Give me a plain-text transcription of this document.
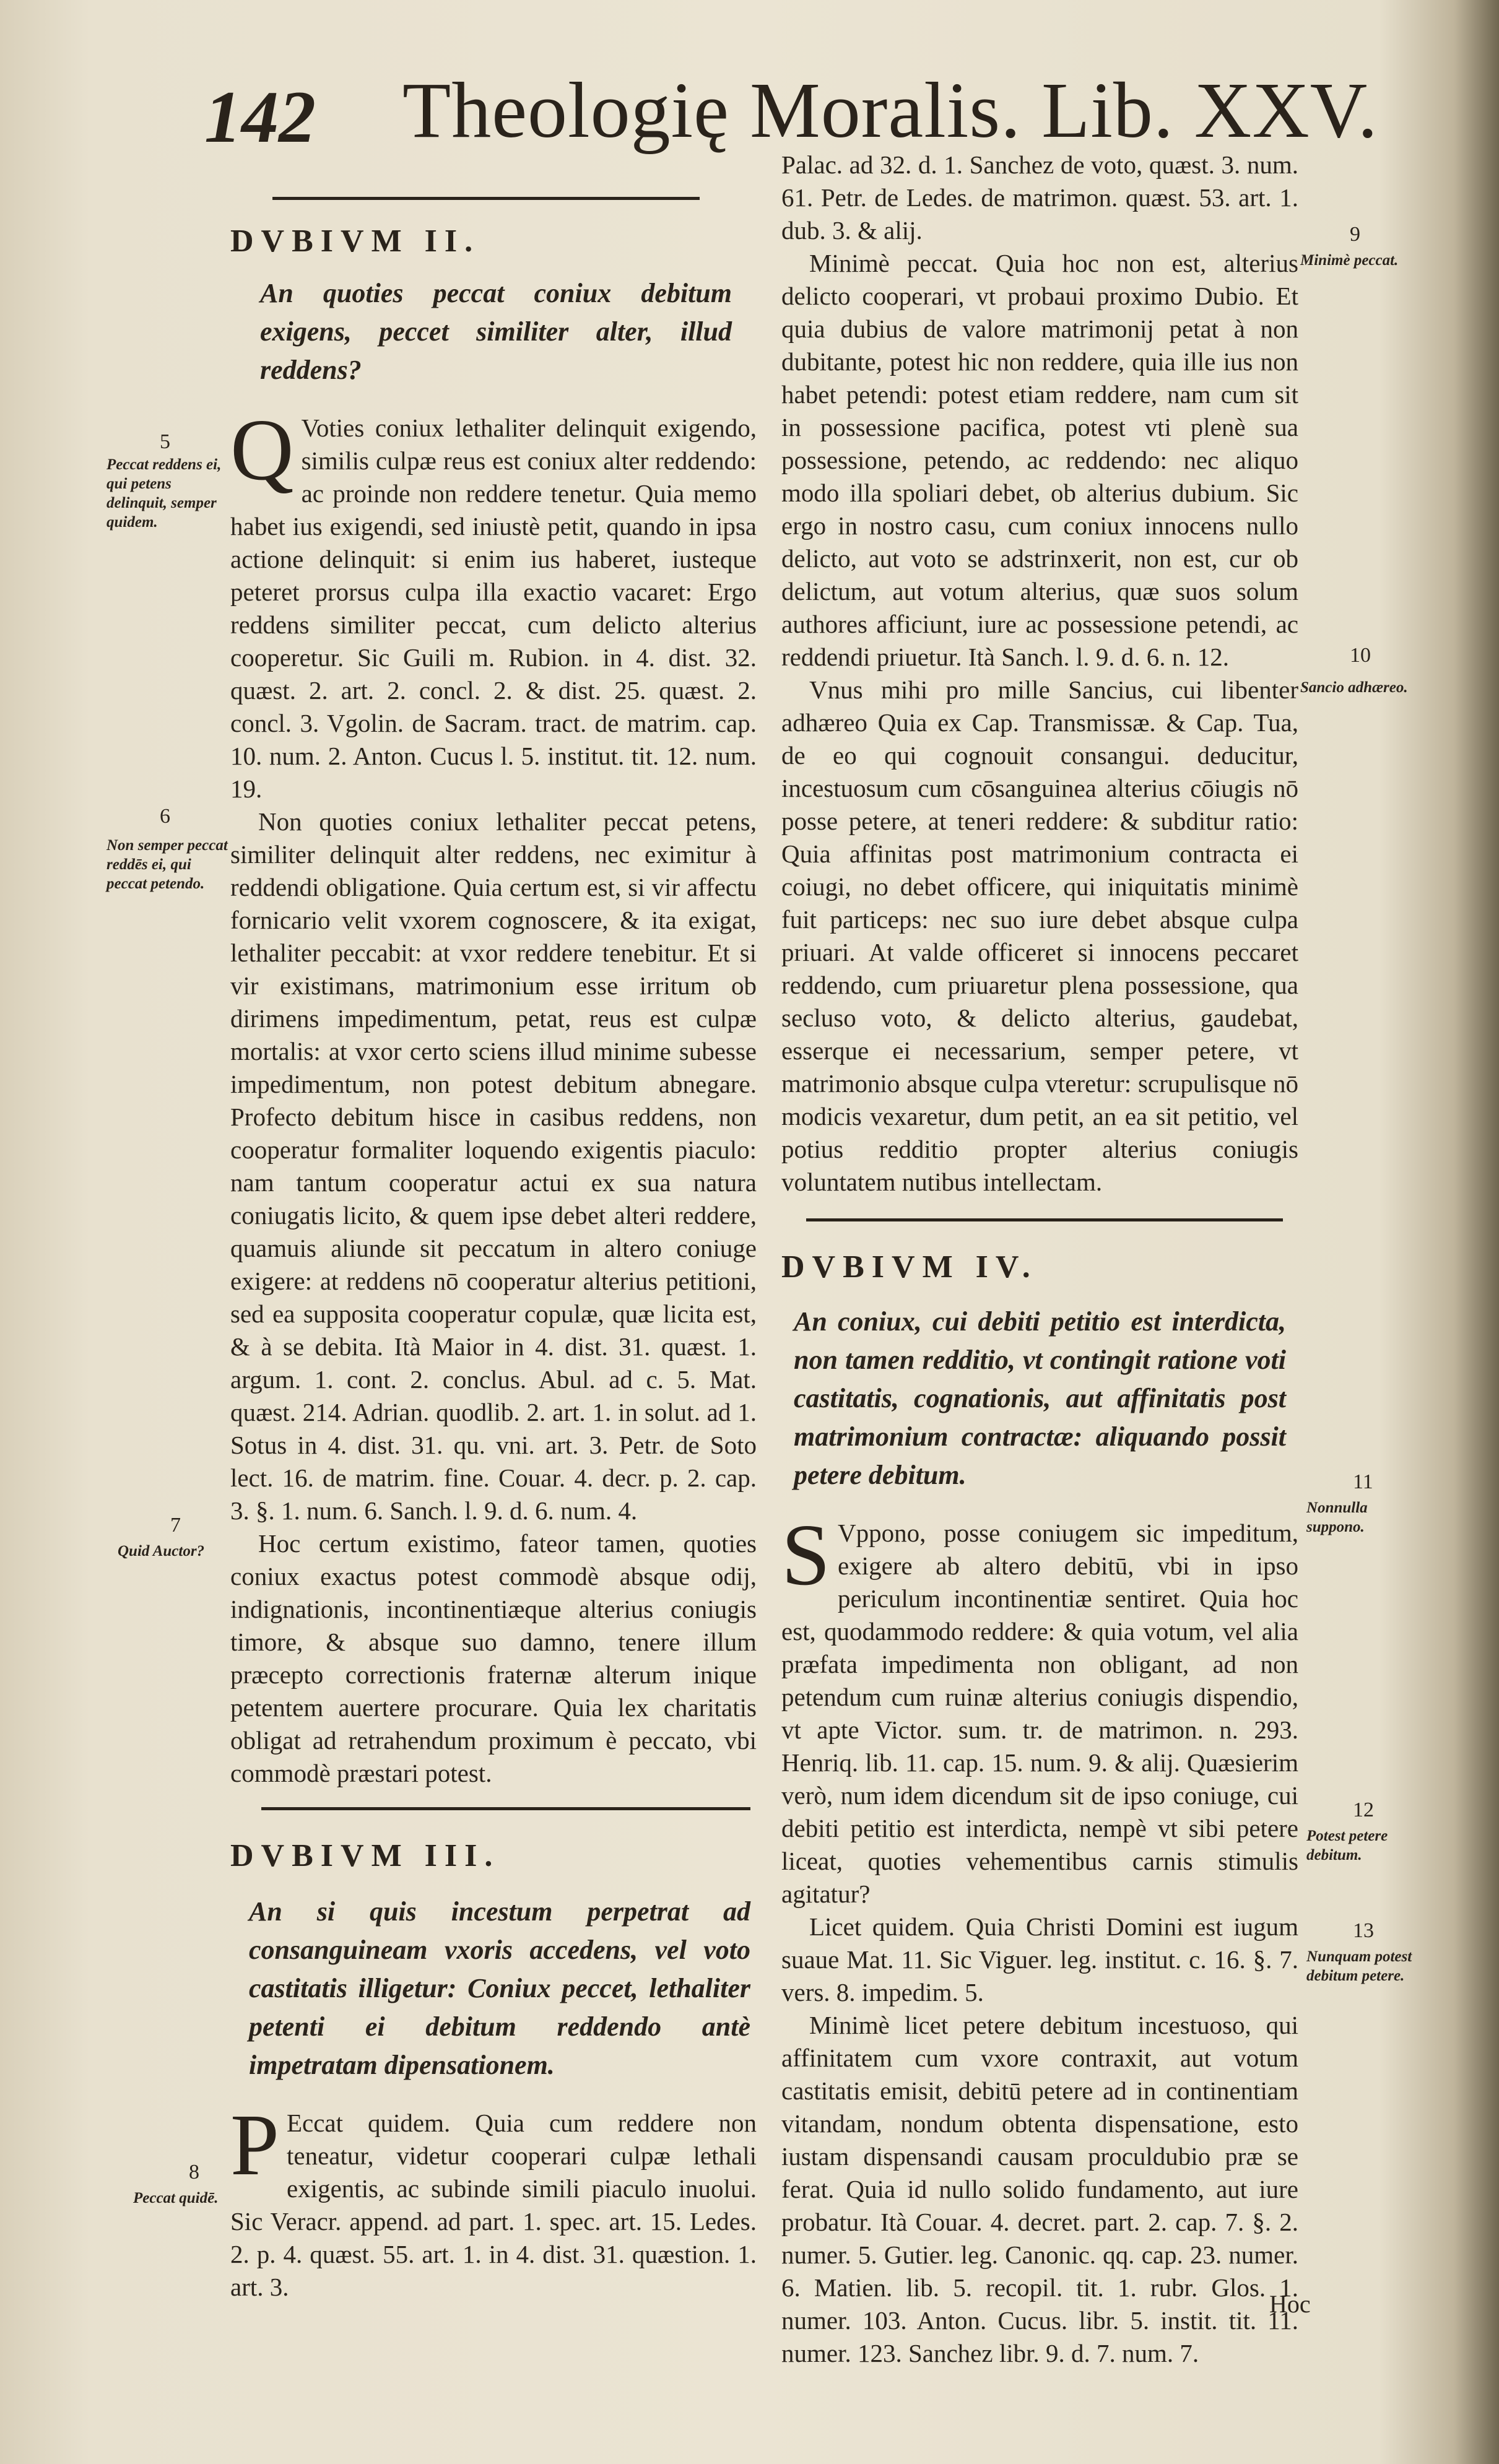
142 Theologię Moralis. Lib. XXV.

DVBIVM II.

An quoties peccat coniux debitum exigens, peccet similiter alter, illud reddens?

Q Voties coniux lethaliter delinquit exigendo, similis culpæ reus est coniux alter reddendo: ac proinde non reddere tenetur. Quia memo habet ius exigendi, sed iniustè petit, quando in ipsa actione delinquit: si enim ius haberet, iusteque peteret prorsus culpa illa exactio vacaret: Ergo reddens similiter peccat, cum delicto alterius cooperetur. Sic Guili m. Rubion. in 4. dist. 32. quæst. 2. art. 2. concl. 2. & dist. 25. quæst. 2. concl. 3. Vgolin. de Sacram. tract. de matrim. cap. 10. num. 2. Anton. Cucus l. 5. institut. tit. 12. num. 19.

Non quoties coniux lethaliter peccat petens, similiter delinquit alter reddens, nec eximitur à reddendi obligatione. Quia certum est, si vir affectu fornicario velit vxorem cognoscere, & ita exigat, lethaliter peccabit: at vxor reddere tenebitur. Et si vir existimans, matrimonium esse irritum ob dirimens impedimentum, petat, reus est culpæ mortalis: at vxor certo sciens illud minime subesse impedimentum, non potest debitum abnegare. Profecto debitum hisce in casibus reddens, non cooperatur formaliter loquendo exigentis piaculo: nam tantum cooperatur actui ex sua natura coniugatis licito, & quem ipse debet alteri reddere, quamuis aliunde sit peccatum in altero coniuge exigere: at reddens nō cooperatur alterius petitioni, sed ea supposita cooperatur copulæ, quæ licita est, & à se debita. Ità Maior in 4. dist. 31. quæst. 1. argum. 1. cont. 2. conclus. Abul. ad c. 5. Mat. quæst. 214. Adrian. quodlib. 2. art. 1. in solut. ad 1. Sotus in 4. dist. 31. qu. vni. art. 3. Petr. de Soto lect. 16. de matrim. fine. Couar. 4. decr. p. 2. cap. 3. §. 1. num. 6. Sanch. l. 9. d. 6. num. 4.

Hoc certum existimo, fateor tamen, quoties coniux exactus potest commodè absque odij, indignationis, incontinentiæque alterius coniugis timore, & absque suo damno, tenere illum præcepto correctionis fraternæ alterum inique petentem auertere procurare. Quia lex charitatis obligat ad retrahendum proximum è peccato, vbi commodè præstari potest.

DVBIVM III.

An si quis incestum perpetrat ad consanguineam vxoris accedens, vel voto castitatis illigetur: Coniux peccet, lethaliter petenti ei debitum reddendo antè impetratam dipensationem.

P Eccat quidem. Quia cum reddere non teneatur, videtur cooperari culpæ lethali exigentis, ac subinde simili piaculo inuolui. Sic Veracr. append. ad part. 1. spec. art. 15. Ledes. 2. p. 4. quæst. 55. art. 1. in 4. dist. 31. quæstion. 1. art. 3.

5
Peccat reddens ei, qui petens delinquit, semper quidem.
6
Non semper peccat reddēs ei, qui peccat petendo.
7
Quid Auctor?
8
Peccat quidē.

Palac. ad 32. d. 1. Sanchez de voto, quæst. 3. num. 61. Petr. de Ledes. de matrimon. quæst. 53. art. 1. dub. 3. & alij.

Minimè peccat. Quia hoc non est, alterius delicto cooperari, vt probaui proximo Dubio. Et quia dubius de valore matrimonij petat à non dubitante, potest hic non reddere, quia ille ius non habet petendi: potest etiam reddere, nam cum sit in possessione pacifica, potest vti plenè sua possessione, petendo, ac reddendo: nec aliquo modo illa spoliari debet, ob alterius dubium. Sic ergo in nostro casu, cum coniux innocens nullo delicto, aut voto se adstrinxerit, non est, cur ob delictum, aut votum alterius, quæ suos solum authores afficiunt, iure ac possessione petendi, ac reddendi priuetur. Ità Sanch. l. 9. d. 6. n. 12.

Vnus mihi pro mille Sancius, cui libenter adhæreo Quia ex Cap. Transmissæ. & Cap. Tua, de eo qui cognouit consangui. deducitur, incestuosum cum cōsanguinea alterius cōiugis nō posse petere, at teneri reddere: & subditur ratio: Quia affinitas post matrimonium contracta ei coiugi, no debet officere, qui iniquitatis minimè fuit particeps: nec suo iure debet absque culpa priuari. At valde officeret si innocens peccaret reddendo, cum priuaretur plena possessione, qua secluso voto, & delicto alterius, gaudebat, esserque ei necessarium, semper petere, vt matrimonio absque culpa vteretur: scrupulisque nō modicis vexaretur, dum petit, an ea sit petitio, vel potius redditio propter alterius coniugis voluntatem nutibus intellectam.

DVBIVM IV.

An coniux, cui debiti petitio est interdicta, non tamen redditio, vt contingit ratione voti castitatis, cognationis, aut affinitatis post matrimonium contractæ: aliquando possit petere debitum.

S Vppono, posse coniugem sic impeditum, exigere ab altero debitū, vbi in ipso periculum incontinentiæ sentiret. Quia hoc est, quodammodo reddere: & quia votum, vel alia præfata impedimenta non obligant, ad non petendum cum ruinæ alterius coniugis dispendio, vt apte Victor. sum. tr. de matrimon. n. 293. Henriq. lib. 11. cap. 15. num. 9. & alij. Quæsierim verò, num idem dicendum sit de ipso coniuge, cui debiti petitio est interdicta, nempè vt sibi petere liceat, quoties vehementibus carnis stimulis agitatur?

Licet quidem. Quia Christi Domini est iugum suaue Mat. 11. Sic Viguer. leg. institut. c. 16. §. 7. vers. 8. impedim. 5.

Minimè licet petere debitum incestuoso, qui affinitatem cum vxore contraxit, aut votum castitatis emisit, debitū petere ad in continentiam vitandam, nondum obtenta dispensatione, esto iustam dispensandi causam proculdubio præ se ferat. Quia id nullo solido fundamento, aut iure probatur. Ità Couar. 4. decret. part. 2. cap. 7. §. 2. numer. 5. Gutier. leg. Canonic. qq. cap. 23. numer. 6. Matien. lib. 5. recopil. tit. 1. rubr. Glos. 1. numer. 103. Anton. Cucus. libr. 5. instit. tit. 11. numer. 123. Sanchez libr. 9. d. 7. num. 7.

9
Minimè peccat.
10
Sancio adhæreo.
11
Nonnulla suppono.
12
Potest petere debitum.
13
Nunquam potest debitum petere.
Hoc
